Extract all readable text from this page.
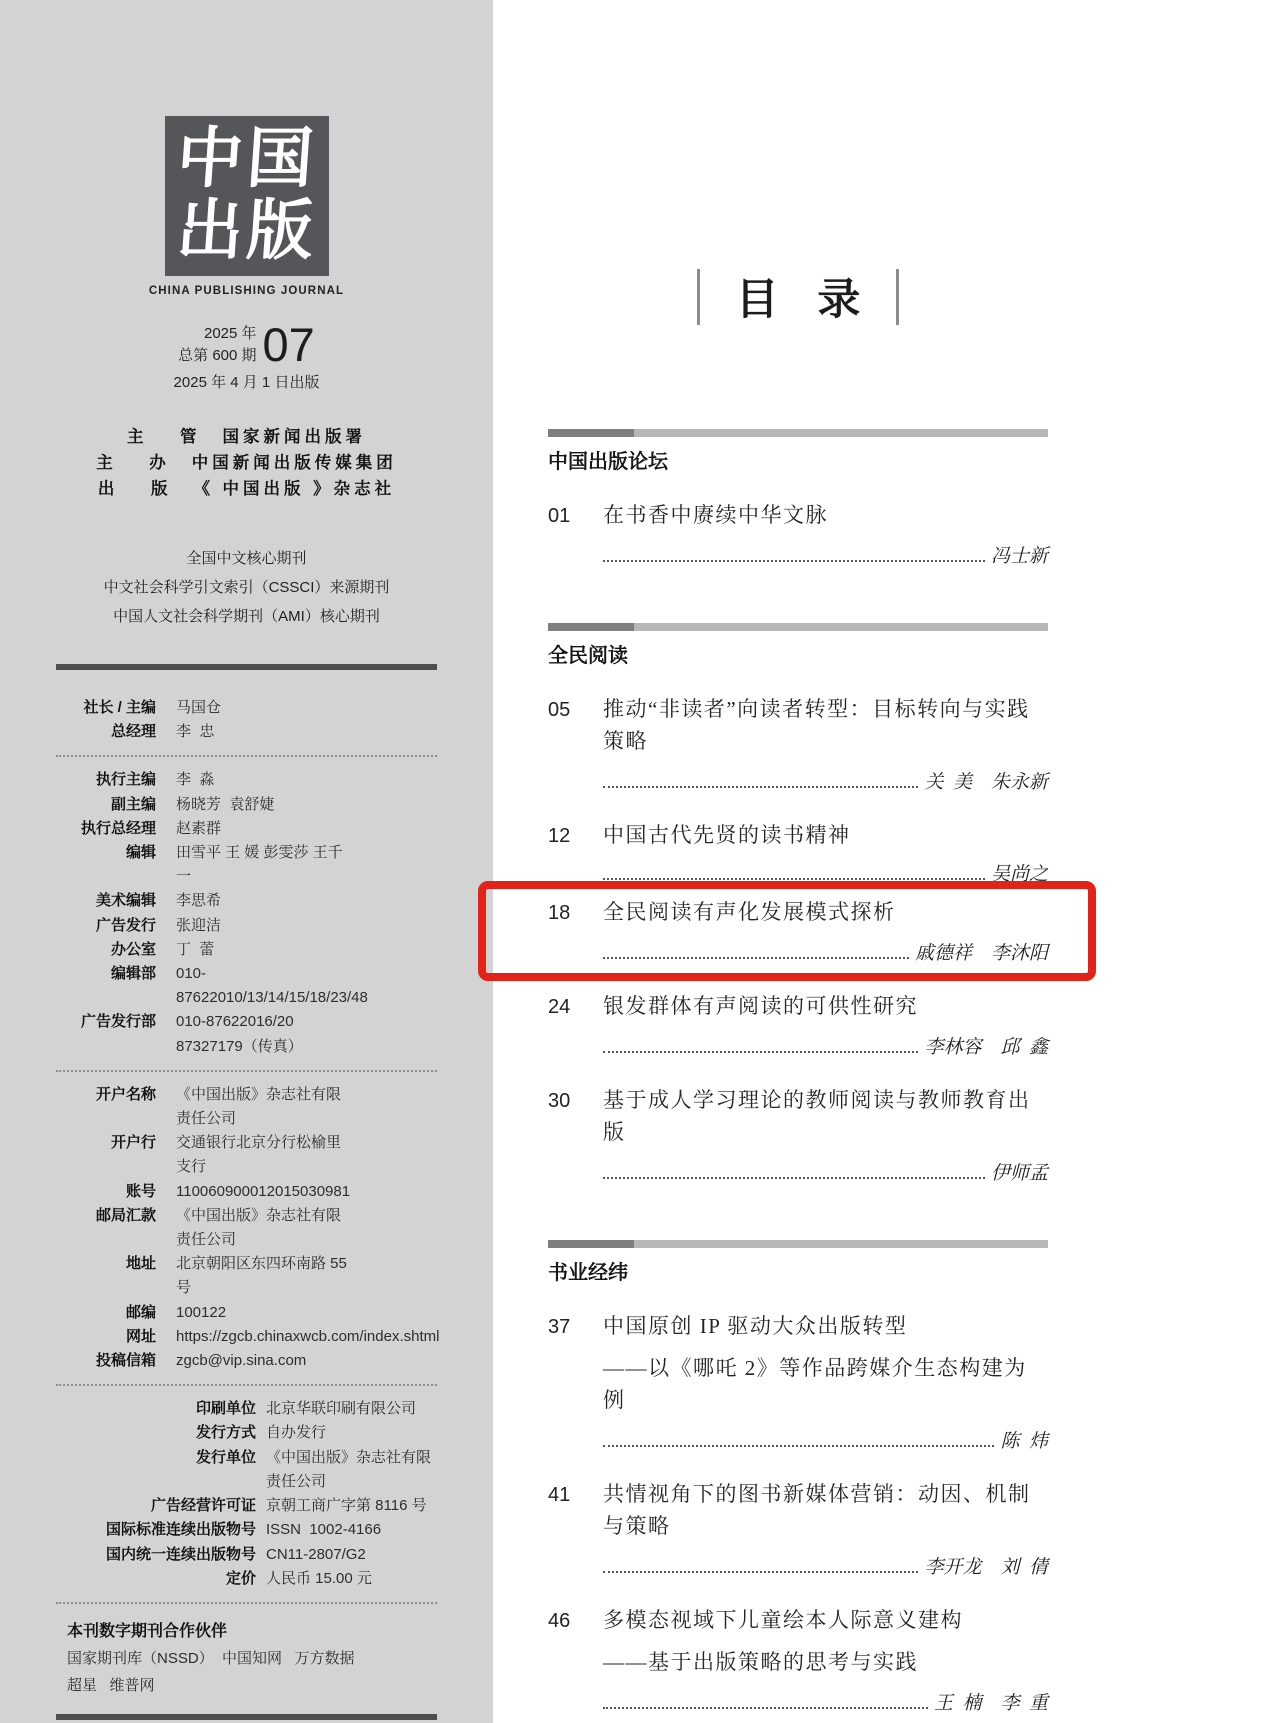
中国
出版
CHINA PUBLISHING JOURNAL
2025 年
总第 600 期 07
2025 年 4 月 1 日出版
主 管 国家新闻出版署
主 办 中国新闻出版传媒集团
出 版 《 中国出版 》杂志社
全国中文核心期刊
中文社会科学引文索引（CSSCI）来源期刊
中国人文社会科学期刊（AMI）核心期刊
社长 / 主编 马国仓
总经理 李  忠
执行主编 李  淼
副主编 杨晓芳  袁舒婕
执行总经理 赵素群
编辑 田雪平 王 媛 彭雯莎 王千一
美术编辑 李思希
广告发行 张迎洁
办公室 丁  蕾
编辑部 010-87622010/13/14/15/18/23/48
广告发行部 010-87622016/20 87327179（传真）
开户名称 《中国出版》杂志社有限责任公司
开户行 交通银行北京分行松榆里支行
账号 110060900012015030981
邮局汇款 《中国出版》杂志社有限责任公司
地址 北京朝阳区东四环南路 55 号
邮编 100122
网址 https://zgcb.chinaxwcb.com/index.shtml
投稿信箱 zgcb@vip.sina.com
印刷单位 北京华联印刷有限公司
发行方式 自办发行
发行单位 《中国出版》杂志社有限责任公司
广告经营许可证 京朝工商广字第 8116 号
国际标准连续出版物号 ISSN  1002-4166
国内统一连续出版物号 CN11-2807/G2
定价 人民币 15.00 元
本刊数字期刊合作伙伴
国家期刊库（NSSD）  中国知网   万方数据
超星   维普网
目 录
中国出版论坛
01	在书香中赓续中华文脉
冯士新
全民阅读
05	推动“非读者”向读者转型：目标转向与实践策略
关  美    朱永新
12	中国古代先贤的读书精神
吴尚之
18	全民阅读有声化发展模式探析
戚德祥    李沐阳
24	银发群体有声阅读的可供性研究
李林容    邱  鑫
30	基于成人学习理论的教师阅读与教师教育出版
伊师孟
书业经纬
37	中国原创 IP 驱动大众出版转型
——以《哪吒 2》等作品跨媒介生态构建为例
陈  炜
41	共情视角下的图书新媒体营销：动因、机制与策略
李开龙    刘  倩
46	多模态视域下儿童绘本人际意义建构
——基于出版策略的思考与实践
王  楠    李  重
